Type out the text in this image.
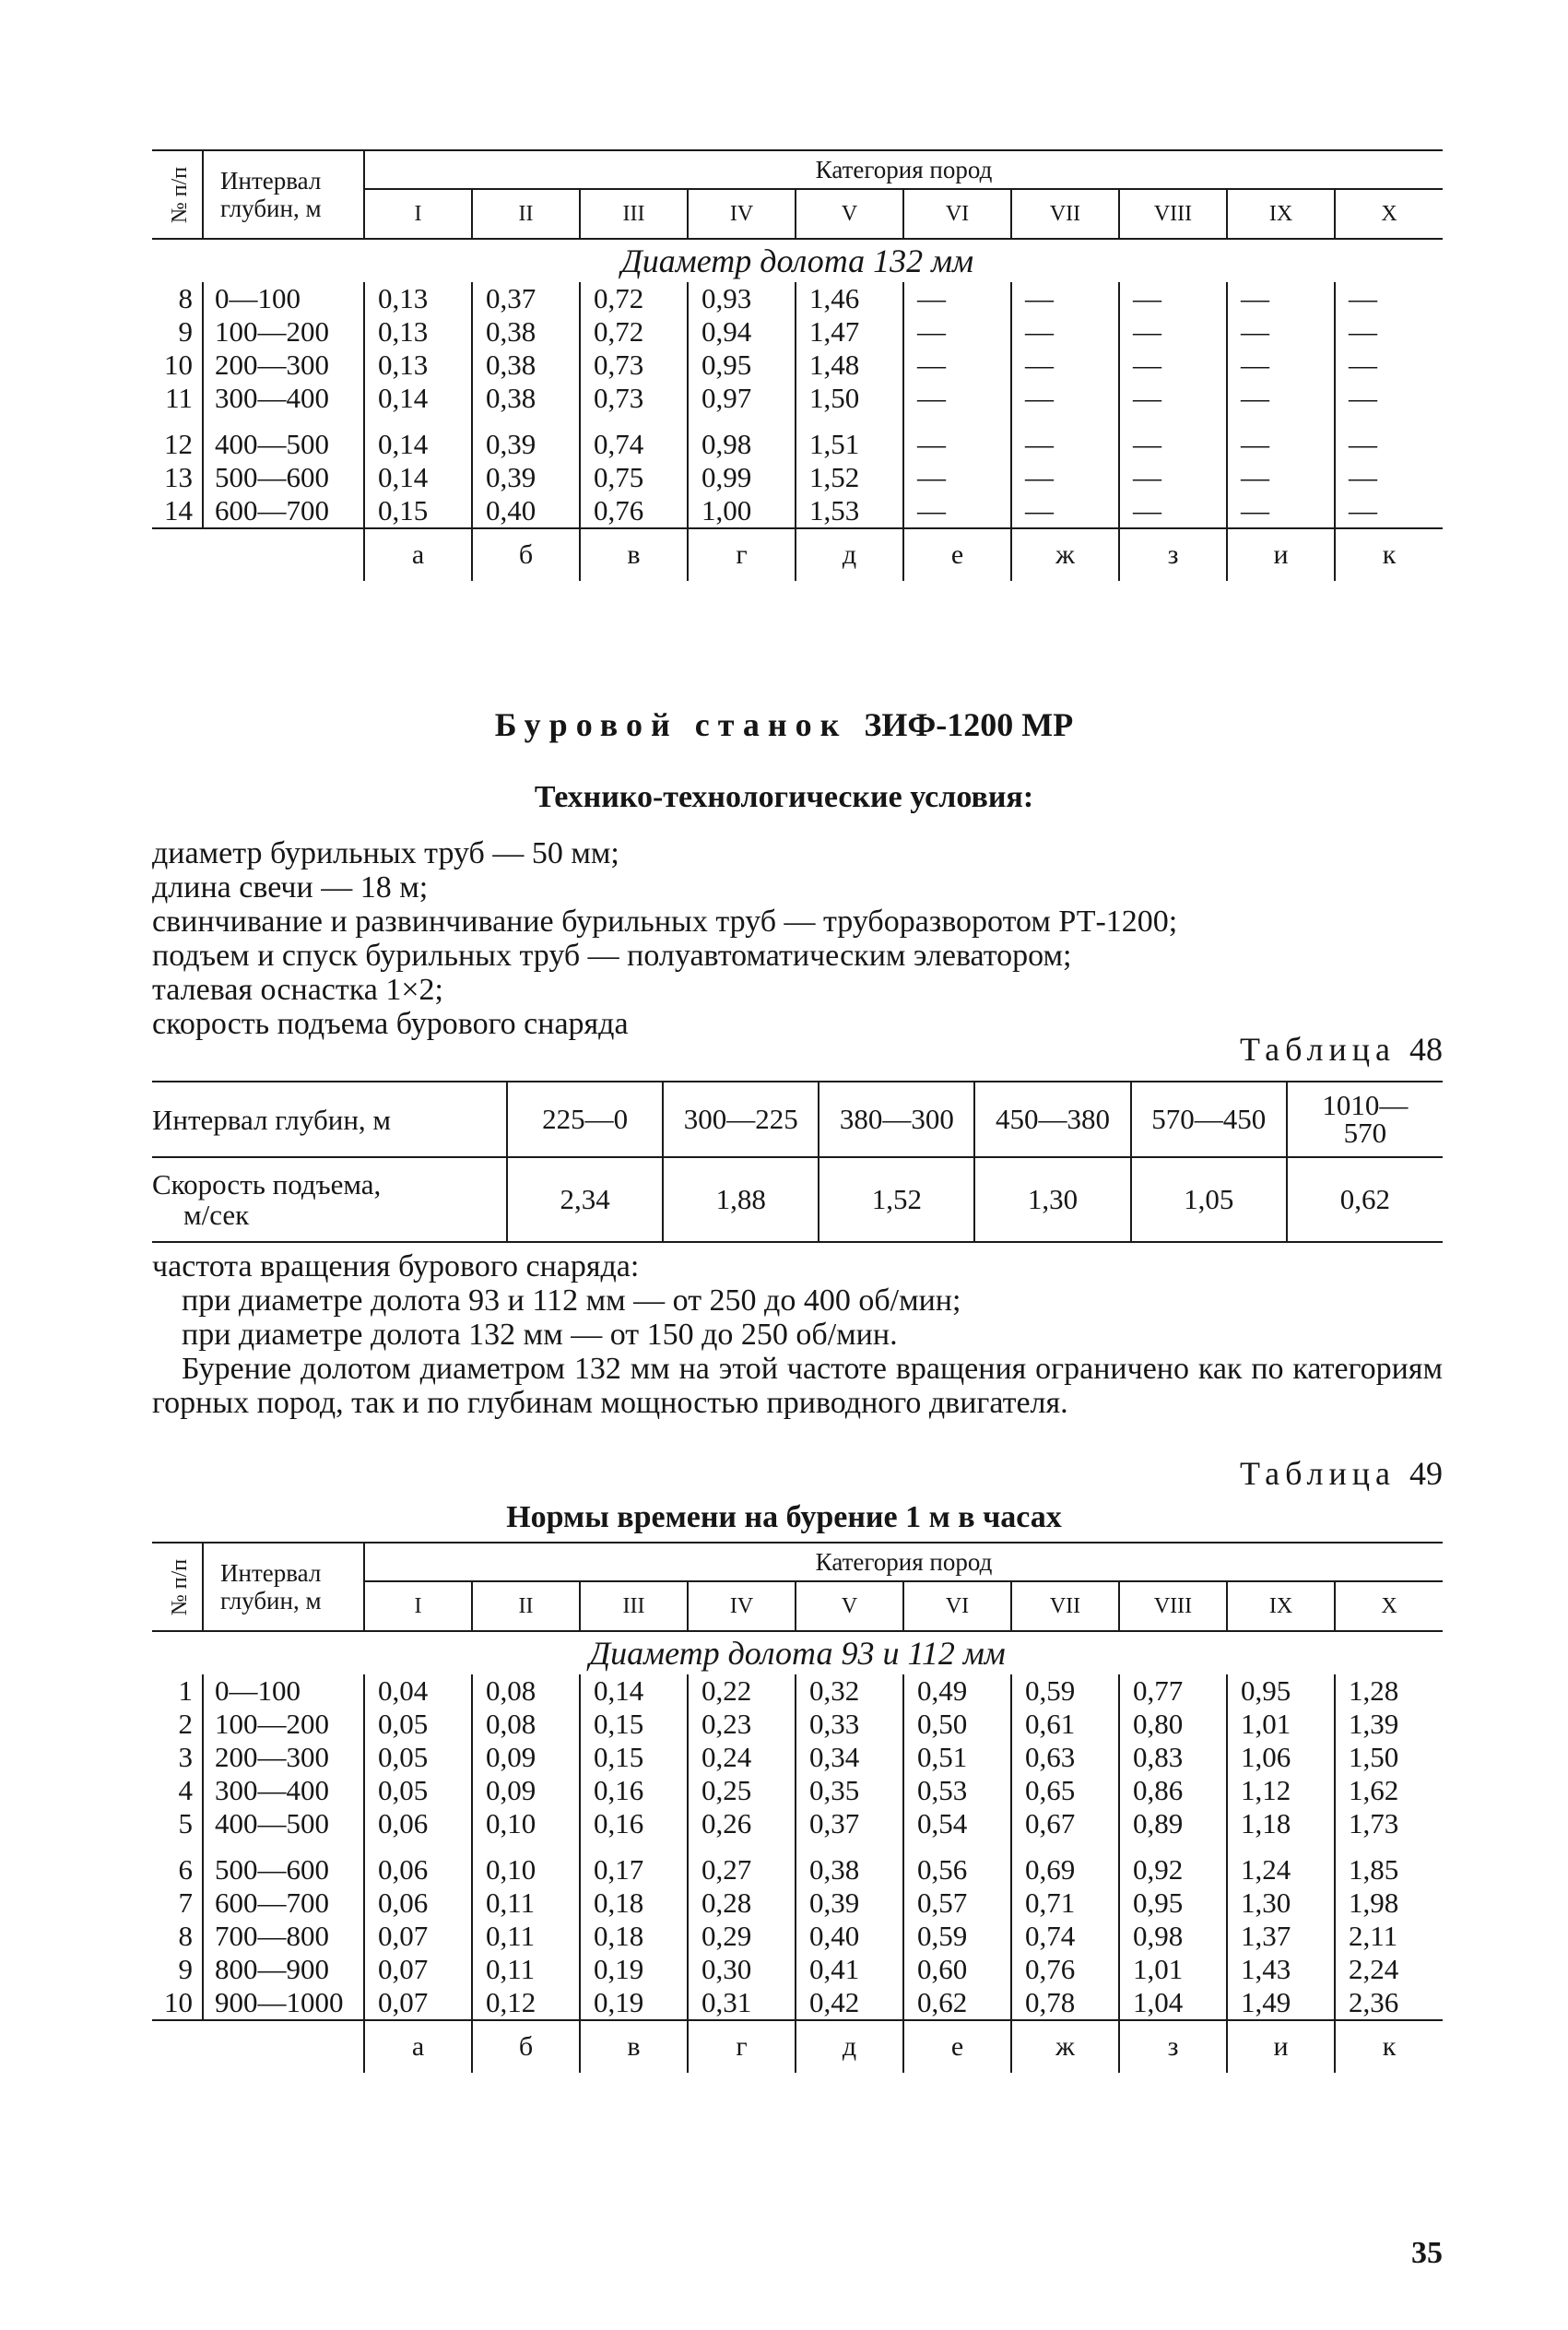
№ п/п	Интервал глубин, м	Категория пород									
		I	II	III	IV	V	VI	VII	VIII	IX	X
Диаметр долота 132 мм											
8	0—100	0,13	0,37	0,72	0,93	1,46	—	—	—	—	—
9	100—200	0,13	0,38	0,72	0,94	1,47	—	—	—	—	—
10	200—300	0,13	0,38	0,73	0,95	1,48	—	—	—	—	—
11	300—400	0,14	0,38	0,73	0,97	1,50	—	—	—	—	—
12	400—500	0,14	0,39	0,74	0,98	1,51	—	—	—	—	—
13	500—600	0,14	0,39	0,75	0,99	1,52	—	—	—	—	—
14	600—700	0,15	0,40	0,76	1,00	1,53	—	—	—	—	—
		а	б	в	г	д	е	ж	з	и	к
Буровой станок ЗИФ-1200 МР
Технико-технологические условия:
диаметр бурильных труб — 50 мм;
длина свечи — 18 м;
свинчивание и развинчивание бурильных труб — труборазворотом РТ-1200;
подъем и спуск бурильных труб — полуавтоматическим элеватором;
талевая оснастка 1×2;
скорость подъема бурового снаряда
Таблица 48
Интервал глубин, м	225—0	300—225	380—300	450—380	570—450	1010—
570

Скорость подъема,
м/сек	2,34	1,88	1,52	1,30	1,05	0,62
частота вращения бурового снаряда:
при диаметре долота 93 и 112 мм — от 250 до 400 об/мин;
при диаметре долота 132 мм — от 150 до 250 об/мин.
Бурение долотом диаметром 132 мм на этой частоте вращения ограничено как по категориям горных пород, так и по глубинам мощностью приводного двигателя.
Таблица 49
Нормы времени на бурение 1 м в часах
№ п/п	Интервал глубин, м	Категория пород									
		I	II	III	IV	V	VI	VII	VIII	IX	X
Диаметр долота 93 и 112 мм											
1	0—100	0,04	0,08	0,14	0,22	0,32	0,49	0,59	0,77	0,95	1,28
2	100—200	0,05	0,08	0,15	0,23	0,33	0,50	0,61	0,80	1,01	1,39
3	200—300	0,05	0,09	0,15	0,24	0,34	0,51	0,63	0,83	1,06	1,50
4	300—400	0,05	0,09	0,16	0,25	0,35	0,53	0,65	0,86	1,12	1,62
5	400—500	0,06	0,10	0,16	0,26	0,37	0,54	0,67	0,89	1,18	1,73
6	500—600	0,06	0,10	0,17	0,27	0,38	0,56	0,69	0,92	1,24	1,85
7	600—700	0,06	0,11	0,18	0,28	0,39	0,57	0,71	0,95	1,30	1,98
8	700—800	0,07	0,11	0,18	0,29	0,40	0,59	0,74	0,98	1,37	2,11
9	800—900	0,07	0,11	0,19	0,30	0,41	0,60	0,76	1,01	1,43	2,24
10	900—1000	0,07	0,12	0,19	0,31	0,42	0,62	0,78	1,04	1,49	2,36
		а	б	в	г	д	е	ж	з	и	к
35
